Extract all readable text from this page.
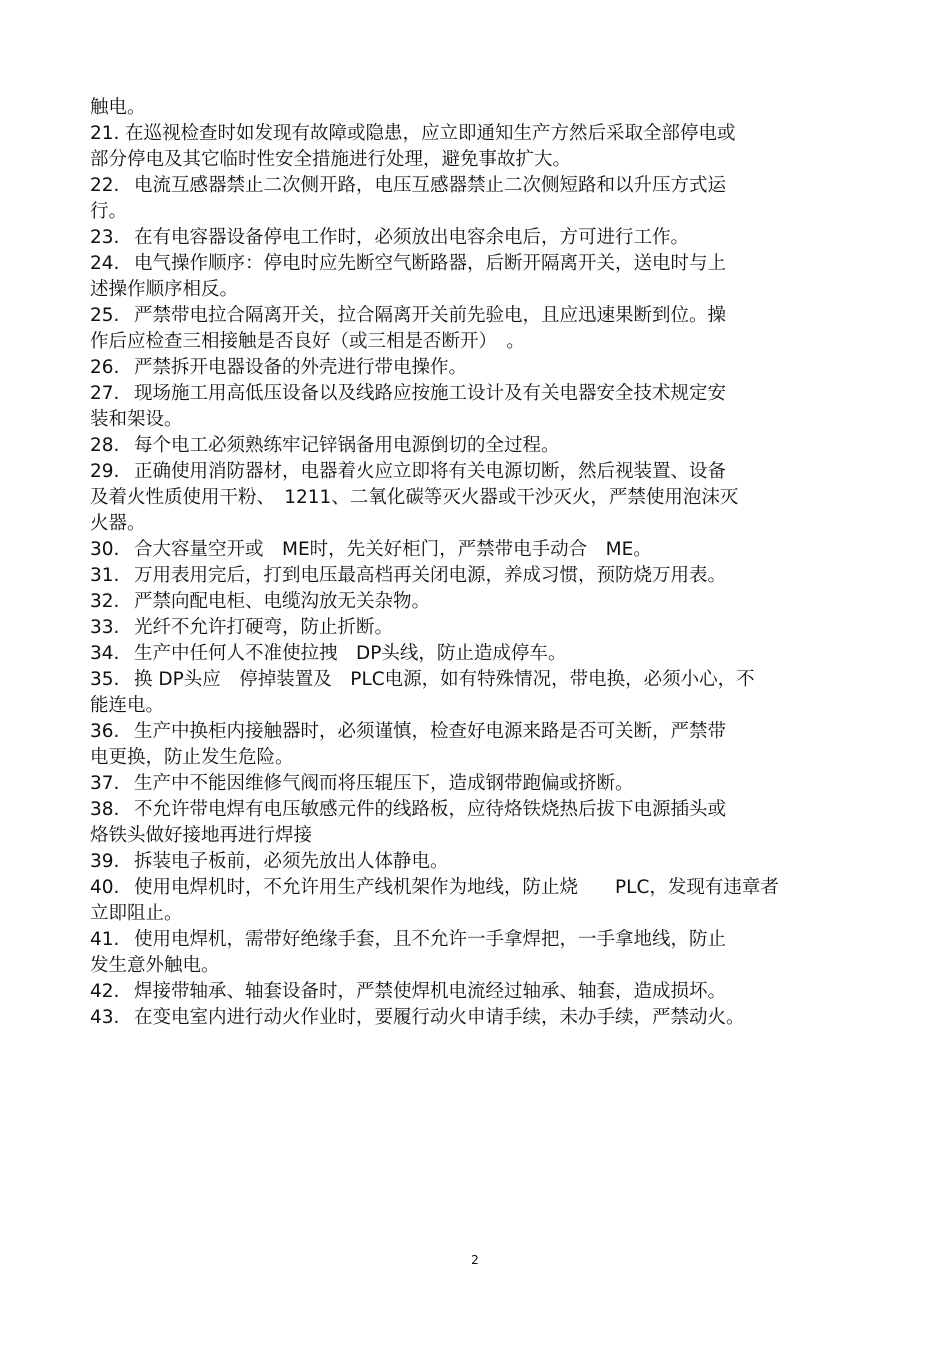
触电。
21. 在巡视检查时如发现有故障或隐患，应立即通知生产方然后采取全部停电或
部分停电及其它临时性安全措施进行处理，避免事故扩大。
22. 电流互感器禁止二次侧开路，电压互感器禁止二次侧短路和以升压方式运
行。
23. 在有电容器设备停电工作时，必须放出电容余电后，方可进行工作。
24. 电气操作顺序：停电时应先断空气断路器，后断开隔离开关，送电时与上
述操作顺序相反。
25. 严禁带电拉合隔离开关，拉合隔离开关前先验电，且应迅速果断到位。操
作后应检查三相接触是否良好（或三相是否断开）　。
26. 严禁拆开电器设备的外壳进行带电操作。
27. 现场施工用高低压设备以及线路应按施工设计及有关电器安全技术规定安
装和架设。
28. 每个电工必须熟练牢记锌锅备用电源倒切的全过程。
29. 正确使用消防器材，电器着火应立即将有关电源切断，然后视装置、设备
及着火性质使用干粉、　1211、二氧化碳等灭火器或干沙灭火，严禁使用泡沫灭
火器。
30. 合大容量空开或　ME时，先关好柜门，严禁带电手动合　ME。
31. 万用表用完后，打到电压最高档再关闭电源，养成习惯，预防烧万用表。
32. 严禁向配电柜、电缆沟放无关杂物。
33. 光纤不允许打硬弯，防止折断。
34. 生产中任何人不准使拉拽　DP头线，防止造成停车。
35. 换 DP头应　停掉装置及　PLC电源，如有特殊情况，带电换，必须小心，不
能连电。
36. 生产中换柜内接触器时，必须谨慎，检查好电源来路是否可关断，严禁带
电更换，防止发生危险。
37. 生产中不能因维修气阀而将压辊压下，造成钢带跑偏或挤断。
38. 不允许带电焊有电压敏感元件的线路板，应待烙铁烧热后拔下电源插头或
烙铁头做好接地再进行焊接
39. 拆装电子板前，必须先放出人体静电。
40. 使用电焊机时，不允许用生产线机架作为地线，防止烧　　PLC，发现有违章者
立即阻止。
41. 使用电焊机，需带好绝缘手套，且不允许一手拿焊把，一手拿地线，防止
发生意外触电。
42. 焊接带轴承、轴套设备时，严禁使焊机电流经过轴承、轴套，造成损坏。
43. 在变电室内进行动火作业时，要履行动火申请手续，未办手续，严禁动火。
2
